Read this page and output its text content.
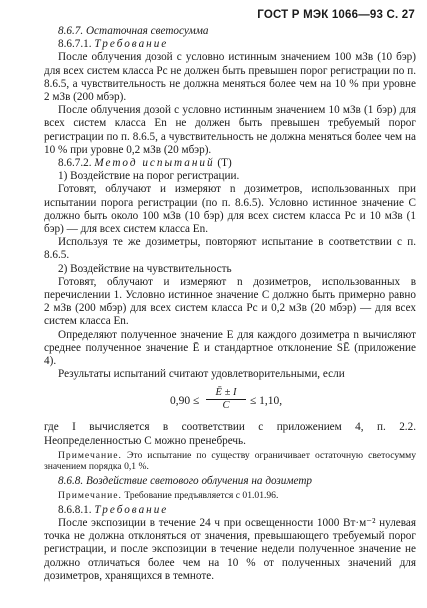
ГОСТ Р МЭК 1066—93 С. 27

8.6.7. Остаточная светосумма

8.6.7.1. Требование

После облучения дозой с условно истинным значением 100 мЗв (10 бэр) для всех систем класса Pc не должен быть превышен порог регистрации по п. 8.6.5, а чувствительность не должна меняться более чем на 10 % при уровне 2 мЗв (200 мбэр).

После облучения дозой с условно истинным значением 10 мЗв (1 бэр) для всех систем класса En не должен быть превышен требуемый порог регистрации по п. 8.6.5, а чувствительность не должна меняться более чем на 10 % при уровне 0,2 мЗв (20 мбэр).

8.6.7.2. Метод испытаний (Т)

1) Воздействие на порог регистрации.

Готовят, облучают и измеряют n дозиметров, использованных при испытании порога регистрации (по п. 8.6.5). Условно истинное значение C должно быть около 100 мЗв (10 бэр) для всех систем класса Pc и 10 мЗв (1 бэр) — для всех систем класса En.

Используя те же дозиметры, повторяют испытание в соответствии с п. 8.6.5.

2) Воздействие на чувствительность

Готовят, облучают и измеряют n дозиметров, использованных в перечислении 1. Условно истинное значение C должно быть примерно равно 2 мЗв (200 мбэр) для всех систем класса Pc и 0,2 мЗв (20 мбэр) — для всех систем класса En.

Определяют полученное значение E для каждого дозиметра n вычисляют среднее полученное значение Ē и стандартное отклонение SĒ (приложение 4).

Результаты испытаний считают удовлетворительными, если

$0,90 \le \frac{Ē \pm I}{C} \le 1,10$,

где I вычисляется в соответствии с приложением 4, п. 2.2. Неопределенностью C можно пренебречь.

Примечание. Это испытание по существу ограничивает остаточную светосумму значением порядка 0,1 %.

8.6.8. Воздействие светового облучения на дозиметр

Примечание. Требование предъявляется с 01.01.96.

8.6.8.1. Требование

После экспозиции в течение 24 ч при освещенности 1000 Вт·м⁻² нулевая точка не должна отклоняться от значения, превышающего требуемый порог регистрации, и после экспозиции в течение недели полученное значение не должно отличаться более чем на 10 % от полученных значений для дозиметров, хранящихся в темноте.
